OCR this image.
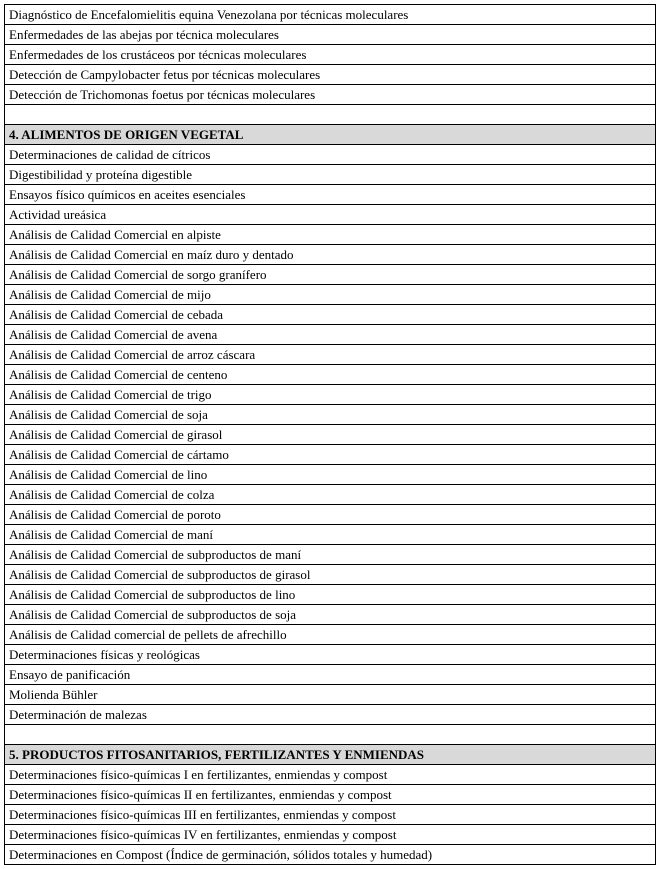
Diagnóstico de Encefalomielitis equina Venezolana por técnicas moleculares
Enfermedades de las abejas por técnica moleculares
Enfermedades de los crustáceos por técnicas moleculares
Detección de Campylobacter fetus por técnicas moleculares
Detección de Trichomonas foetus por técnicas moleculares

4. ALIMENTOS DE ORIGEN VEGETAL
Determinaciones de calidad de cítricos
Digestibilidad y proteína digestible
Ensayos físico químicos en aceites esenciales
Actividad ureásica
Análisis de Calidad Comercial en alpiste
Análisis de Calidad Comercial en maíz duro y dentado
Análisis de Calidad Comercial de sorgo granífero
Análisis de Calidad Comercial de mijo
Análisis de Calidad Comercial de cebada
Análisis de Calidad Comercial de avena
Análisis de Calidad Comercial de arroz cáscara
Análisis de Calidad Comercial de centeno
Análisis de Calidad Comercial de trigo
Análisis de Calidad Comercial de soja
Análisis de Calidad Comercial de girasol
Análisis de Calidad Comercial de cártamo
Análisis de Calidad Comercial de lino
Análisis de Calidad Comercial de colza
Análisis de Calidad Comercial de poroto
Análisis de Calidad Comercial de maní
Análisis de Calidad Comercial de subproductos de maní
Análisis de Calidad Comercial de subproductos de girasol
Análisis de Calidad Comercial de subproductos de lino
Análisis de Calidad Comercial de subproductos de soja
Análisis de Calidad comercial de pellets de afrechillo
Determinaciones físicas y reológicas
Ensayo de panificación
Molienda Bühler
Determinación de malezas

5. PRODUCTOS FITOSANITARIOS, FERTILIZANTES Y ENMIENDAS
Determinaciones físico-químicas I en fertilizantes, enmiendas y compost
Determinaciones físico-químicas II en fertilizantes, enmiendas y compost
Determinaciones físico-químicas III en fertilizantes, enmiendas y compost
Determinaciones físico-químicas IV en fertilizantes, enmiendas y compost
Determinaciones en Compost (Índice de germinación, sólidos totales y humedad)
